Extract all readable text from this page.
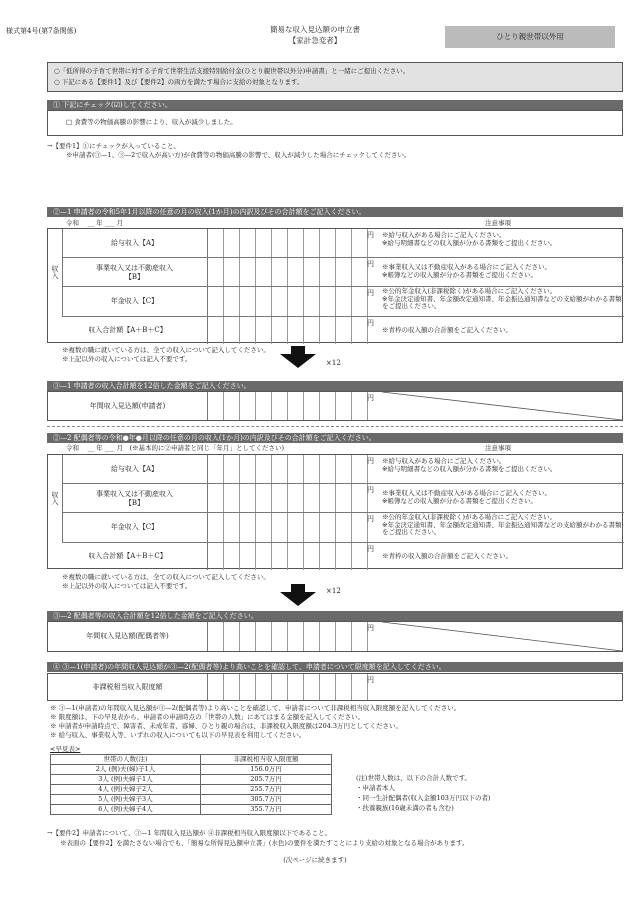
様式第4号(第7条関係)	簡易な収入見込額の申立書
【家計急変者】	ひとり親世帯以外用
○「低所得の子育て世帯に対する子育て世帯生活支援特別給付金(ひとり親世帯以外分)申請書」と一緒にご提出ください。
○ 下記にある【要件1】及び【要件2】の両方を満たす場合に支給の対象となります。
① 下記にチェック(☑)してください。
□ 食費等の物価高騰の影響により、収入が減少しました。
→【要件1】①にチェックが入っていること。
※申請者(③—1、③—2で収入が高い方)が食費等の物価高騰の影響で、収入が減少した場合にチェックしてください。
②—1 申請者の令和5年1月以降の任意の月の収入(1か月)の内訳及びその合計額をご記入ください。
令和　 __ 年 ___ 月	注意事項
収入
給与収入【A】
円 ※給与収入がある場合にご記入ください。
※給与明細書などの収入額が分かる書類をご提出ください。
事業収入又は不動産収入
【B】
円 ※事業収入又は不動産収入がある場合にご記入ください。
※帳簿などの収入額が分かる書類をご提出ください。
年金収入【C】
円 ※公的年金収入(非課税除く)がある場合にご記入ください。
※年金決定通知書、年金額改定通知書、年金振込通知書などの支給額がわかる書類をご提出ください。
収入合計額【A＋B＋C】
円
※青枠の収入額の合計額をご記入ください。
※複数の職に就いている方は、全ての収入について記入してください。
※上記以外の収入については記入不要です。	×12
③—1 申請者の収入合計額を12倍した金額をご記入ください。
年間収入見込額(申請者)
円
②—2 配偶者等の令和●年●月以降の任意の月の収入(1か月)の内訳及びその合計額をご記入ください。
令和　 __ 年 ___ 月　(※基本的に②申請者と同じ「年月」としてください)	注意事項
収入
給与収入【A】
円 ※給与収入がある場合にご記入ください。
※給与明細書などの収入額が分かる書類をご提出ください。
事業収入又は不動産収入
【B】
円 ※事業収入又は不動産収入がある場合にご記入ください。
※帳簿などの収入額が分かる書類をご提出ください。
年金収入【C】
円 ※公的年金収入(非課税除く)がある場合にご記入ください。
※年金決定通知書、年金額改定通知書、年金振込通知書などの支給額がわかる書類をご提出ください。
収入合計額【A＋B＋C】
円
※青枠の収入額の合計額をご記入ください。
※複数の職に就いている方は、全ての収入について記入してください。
※上記以外の収入については記入不要です。
×12
③—2 配偶者等の収入合計額を12倍した金額をご記入ください。
年間収入見込額(配偶者等)
円
④ ③—1(申請者)の年間収入見込額が③—2(配偶者等)より高いことを確認して、申請者について限度額を記入してください。
非課税相当収入限度額
円
※ ③—1(申請者)の年間収入見込額が③—2(配偶者等)より高いことを確認して、申請者について非課税相当収入限度額を記入してください。
※ 限度額は、下の早見表から、申請者の申請時点の「世帯の人数」にあてはまる金額を記入してください。
※ 申請者が申請時点で、障害者、未成年者、寡婦、ひとり親の場合は、非課税収入限度額は204.3万円としてください。
※ 給与収入、事業収入等、いずれの収入についても以下の早見表を利用してください。
<早見表>
世帯の人数(注)	非課税相当収入限度額
2人 (例)夫(婦)子1人	156.0万円
3人 (例)夫婦子1人	205.7万円
4人 (例)夫婦子2人	255.7万円
5人 (例)夫婦子3人	305.7万円
6人 (例)夫婦子4人	355.7万円
(注)世帯人数は、以下の合計人数です。
・申請者本人
・同一生計配偶者(収入金額103万円以下の者)
・扶養親族(16歳未満の者も含む)
→【要件2】申請者について、③—1 年間収入見込額が ④非課税相当収入限度額以下であること。
※表面の【要件2】を満たさない場合でも、「簡易な所得見込額申立書」(水色)の要件を満たすことにより支給の対象となる場合があります。
(次ページに続きます)
